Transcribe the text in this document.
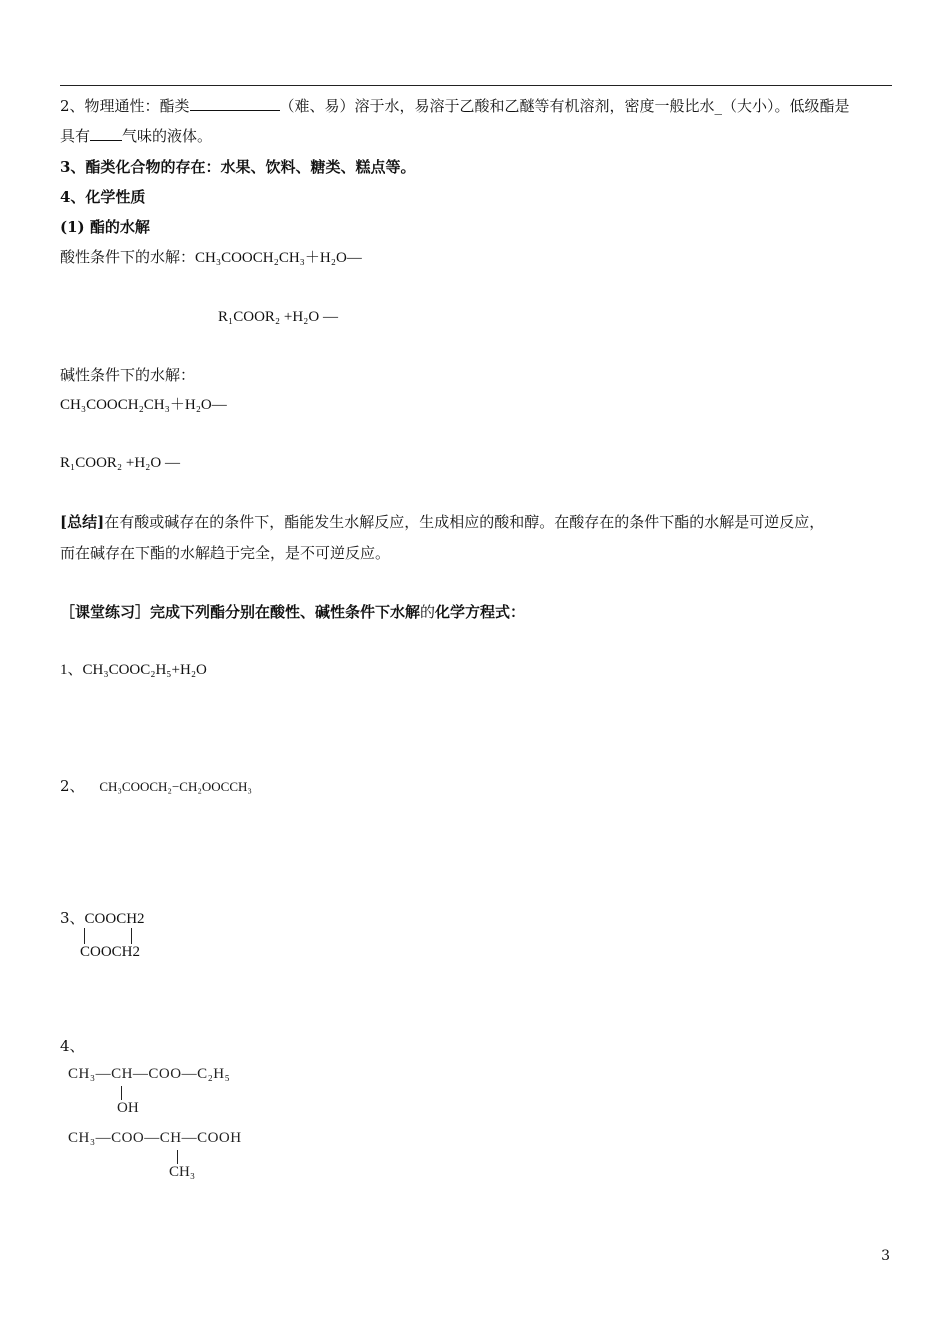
2、物理通性：酯类	（难、易）溶于水，易溶于乙酸和乙醚等有机溶剂，密度一般比水_（大小）。低级酯是
具有 气味的液体。
3、酯类化合物的存在：水果、饮料、糖类、糕点等。
4、化学性质
(1) 酯的水解
酸性条件下的水解：CH₃COOCH₂CH₃＋H₂O—
R₁COOR₂ +H₂O —
碱性条件下的水解：
CH₃COOCH₂CH₃＋H₂O—
R₁COOR₂ +H₂O —
[总结]在有酸或碱存在的条件下，酯能发生水解反应，生成相应的酸和醇。在酸存在的条件下酯的水解是可逆反应，
而在碱存在下酯的水解趋于完全，是不可逆反应。
［课堂练习］完成下列酯分别在酸性、碱性条件下水解的化学方程式：
1、CH₃COOC₂H₅+H₂O
2、 CH₃COOCH₂−CH₂OOCCH₃
3、COOCH2
COOCH2
4、
CH₃—CH—COO—C₂H₅
OH
CH₃—COO—CH—COOH
CH₃
3
